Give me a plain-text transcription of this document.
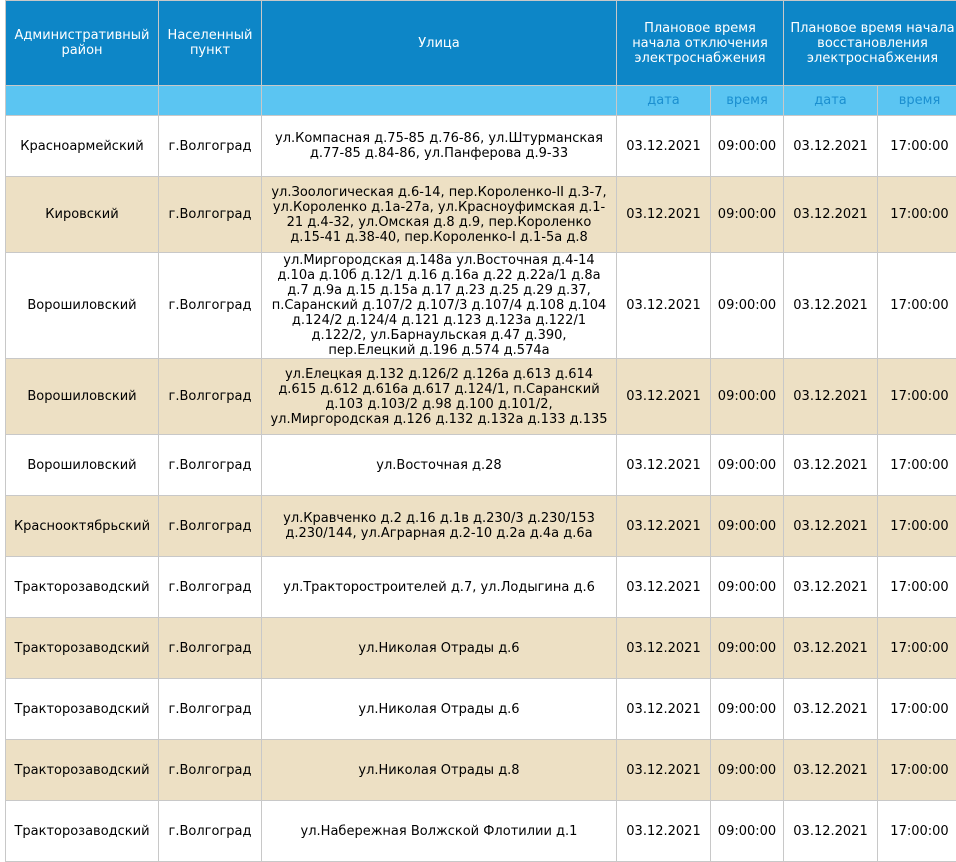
Административный район	Населенный пункт	Улица	Плановое время начала отключения электроснабжения		Плановое время начала восстановления электроснабжения	
			дата	время	дата	время
Красноармейский	г.Волгоград	ул.Компасная д.75-85 д.76-86, ул.Штурманская д.77-85 д.84-86, ул.Панферова д.9-33	03.12.2021	09:00:00	03.12.2021	17:00:00
Кировский	г.Волгоград	ул.Зоологическая д.6-14, пер.Короленко-II д.3-7, ул.Короленко д.1а-27а, ул.Красноуфимская д.1-21 д.4-32, ул.Омская д.8 д.9, пер.Короленко д.15-41 д.38-40, пер.Короленко-I д.1-5а д.8	03.12.2021	09:00:00	03.12.2021	17:00:00
Ворошиловский	г.Волгоград	ул.Миргородская д.148а ул.Восточная д.4-14 д.10а д.10б д.12/1 д.16 д.16а д.22 д.22а/1 д.8а д.7 д.9а д.15 д.15а д.17 д.23 д.25 д.29 д.37, п.Саранский д.107/2 д.107/3 д.107/4 д.108 д.104 д.124/2 д.124/4 д.121 д.123 д.123а д.122/1 д.122/2, ул.Барнаульская д.47 д.390, пер.Елецкий д.196 д.574 д.574а	03.12.2021	09:00:00	03.12.2021	17:00:00
Ворошиловский	г.Волгоград	ул.Елецкая д.132 д.126/2 д.126а д.613 д.614 д.615 д.612 д.616а д.617 д.124/1, п.Саранский д.103 д.103/2 д.98 д.100 д.101/2, ул.Миргородская д.126 д.132 д.132а д.133 д.135	03.12.2021	09:00:00	03.12.2021	17:00:00
Ворошиловский	г.Волгоград	ул.Восточная д.28	03.12.2021	09:00:00	03.12.2021	17:00:00
Краснооктябрьский	г.Волгоград	ул.Кравченко д.2 д.16 д.1в д.230/3 д.230/153 д.230/144, ул.Аграрная д.2-10 д.2а д.4а д.6а	03.12.2021	09:00:00	03.12.2021	17:00:00
Тракторозаводский	г.Волгоград	ул.Тракторостроителей д.7, ул.Лодыгина д.6	03.12.2021	09:00:00	03.12.2021	17:00:00
Тракторозаводский	г.Волгоград	ул.Николая Отрады д.6	03.12.2021	09:00:00	03.12.2021	17:00:00
Тракторозаводский	г.Волгоград	ул.Николая Отрады д.6	03.12.2021	09:00:00	03.12.2021	17:00:00
Тракторозаводский	г.Волгоград	ул.Николая Отрады д.8	03.12.2021	09:00:00	03.12.2021	17:00:00
Тракторозаводский	г.Волгоград	ул.Набережная Волжской Флотилии д.1	03.12.2021	09:00:00	03.12.2021	17:00:00
